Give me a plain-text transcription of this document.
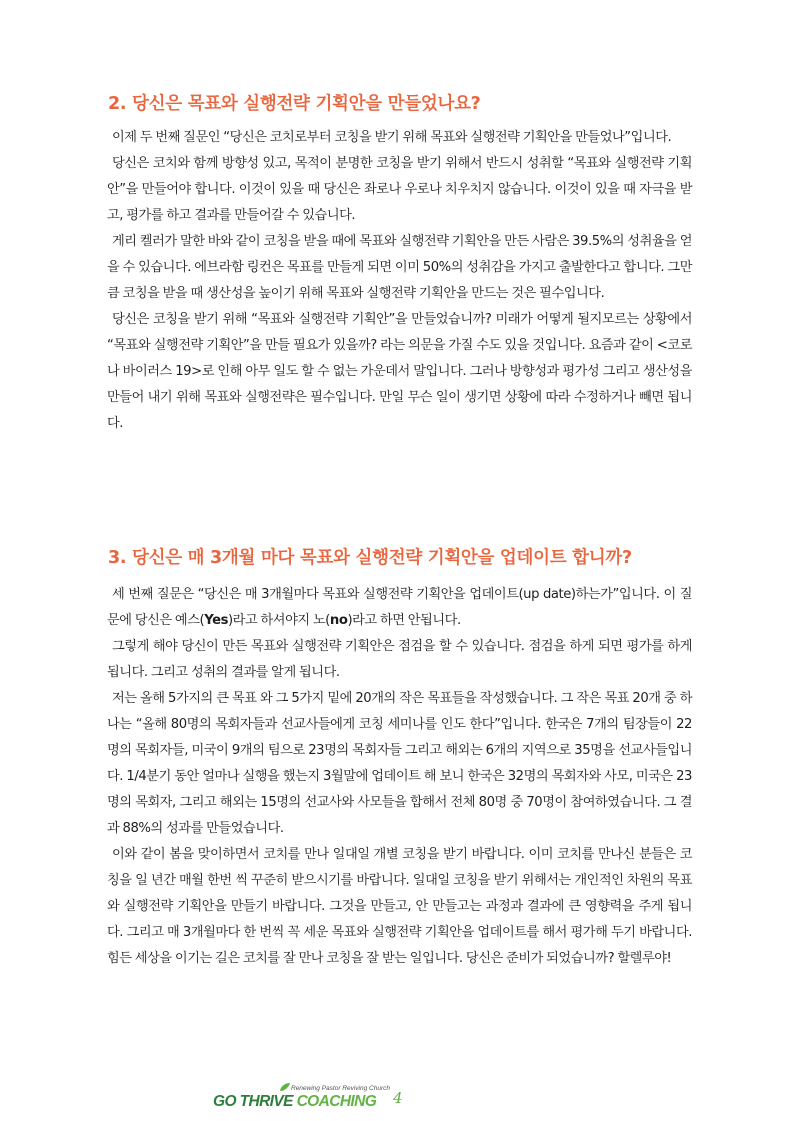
2. 당신은 목표와 실행전략 기획안을 만들었나요?

이제 두 번째 질문인 “당신은 코치로부터 코칭을 받기 위해 목표와 실행전략 기획안을 만들었나”입니다.

당신은 코치와 함께 방향성 있고, 목적이 분명한 코칭을 받기 위해서 반드시 성취할 “목표와 실행전략 기획안”을 만들어야 합니다. 이것이 있을 때 당신은 좌로나 우로나 치우치지 않습니다. 이것이 있을 때 자극을 받고, 평가를 하고 결과를 만들어갈 수 있습니다.

게리 켈러가 말한 바와 같이 코칭을 받을 때에 목표와 실행전략 기획안을 만든 사람은 39.5%의 성취율을 얻을 수 있습니다. 에브라함 링컨은 목표를 만들게 되면 이미 50%의 성취감을 가지고 출발한다고 합니다. 그만큼 코칭을 받을 때 생산성을 높이기 위해 목표와 실행전략 기획안을 만드는 것은 필수입니다.

당신은 코칭을 받기 위해 “목표와 실행전략 기획안”을 만들었습니까? 미래가 어떻게 될지모르는 상황에서 “목표와 실행전략 기획안”을 만들 필요가 있을까? 라는 의문을 가질 수도 있을 것입니다. 요즘과 같이 <코로나 바이러스 19>로 인해 아무 일도 할 수 없는 가운데서 말입니다. 그러나 방향성과 평가성 그리고 생산성을 만들어 내기 위해 목표와 실행전략은 필수입니다. 만일 무슨 일이 생기면 상황에 따라 수정하거나 빼면 됩니다.

3. 당신은 매 3개월 마다 목표와 실행전략 기획안을 업데이트 합니까?

세 번째 질문은 “당신은 매 3개월마다 목표와 실행전략 기획안을 업데이트(up date)하는가”입니다. 이 질문에 당신은 예스(Yes)라고 하셔야지 노(no)라고 하면 안됩니다.

그렇게 해야 당신이 만든 목표와 실행전략 기획안은 점검을 할 수 있습니다. 점검을 하게 되면 평가를 하게 됩니다. 그리고 성취의 결과를 알게 됩니다.

저는 올해 5가지의 큰 목표 와 그 5가지 밑에 20개의 작은 목표들을 작성했습니다. 그 작은 목표 20개 중 하나는 “올해 80명의 목회자들과 선교사들에게 코칭 세미나를 인도 한다”입니다. 한국은 7개의 팀장들이 22명의 목회자들, 미국이 9개의 팀으로 23명의 목회자들 그리고 해외는 6개의 지역으로 35명을 선교사들입니다. 1/4분기 동안 얼마나 실행을 했는지 3월말에 업데이트 해 보니 한국은 32명의 목회자와 사모, 미국은 23명의 목회자, 그리고 해외는 15명의 선교사와 사모들을 합해서 전체 80명 중 70명이 참여하였습니다. 그 결과 88%의 성과를 만들었습니다.

이와 같이 봄을 맞이하면서 코치를 만나 일대일 개별 코칭을 받기 바랍니다. 이미 코치를 만나신 분들은 코칭을 일 년간 매월 한번 씩 꾸준히 받으시기를 바랍니다. 일대일 코칭을 받기 위해서는 개인적인 차원의 목표와 실행전략 기획안을 만들기 바랍니다. 그것을 만들고, 안 만들고는 과정과 결과에 큰 영향력을 주게 됩니다. 그리고 매 3개월마다 한 번씩 꼭 세운 목표와 실행전략 기획안을 업데이트를 해서 평가해 두기 바랍니다. 힘든 세상을 이기는 길은 코치를 잘 만나 코칭을 잘 받는 일입니다. 당신은 준비가 되었습니까? 할렐루야!

Renewing Pastor Reviving Church
GO THRIVE COACHING 4
